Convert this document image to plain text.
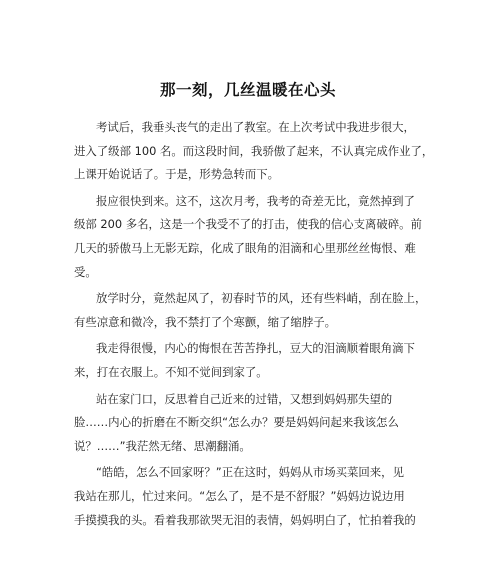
那一刻，几丝温暖在心头

考试后，我垂头丧气的走出了教室。在上次考试中我进步很大，
进入了级部 100 名。而这段时间，我骄傲了起来，不认真完成作业了，
上课开始说话了。于是，形势急转而下。

报应很快到来。这不，这次月考，我考的奇差无比，竟然掉到了
级部 200 多名，这是一个我受不了的打击，使我的信心支离破碎。前
几天的骄傲马上无影无踪，化成了眼角的泪滴和心里那丝丝悔恨、难
受。

放学时分，竟然起风了，初春时节的风，还有些料峭，刮在脸上，
有些凉意和微冷，我不禁打了个寒颤，缩了缩脖子。

我走得很慢，内心的悔恨在苦苦挣扎，豆大的泪滴顺着眼角滴下
来，打在衣服上。不知不觉间到家了。

站在家门口，反思着自己近来的过错，又想到妈妈那失望的
脸……内心的折磨在不断交织“怎么办？要是妈妈问起来我该怎么
说？……”我茫然无绪、思潮翻涌。

“皓皓，怎么不回家呀？”正在这时，妈妈从市场买菜回来，见
我站在那儿，忙过来问。“怎么了，是不是不舒服？”妈妈边说边用
手摸摸我的头。看着我那欲哭无泪的表情，妈妈明白了，忙拍着我的
